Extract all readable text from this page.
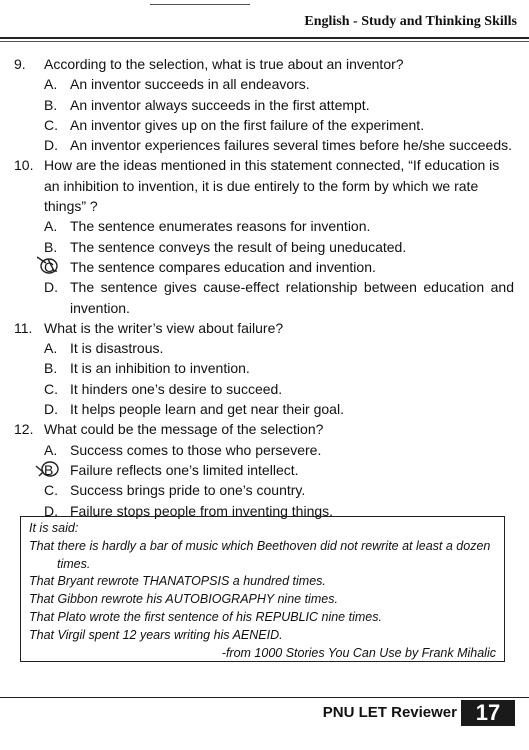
English - Study and Thinking Skills
9.	According to the selection, what is true about an inventor?
A. An inventor succeeds in all endeavors.
B. An inventor always succeeds in the first attempt.
C. An inventor gives up on the first failure of the experiment.
D. An inventor experiences failures several times before he/she succeeds.
10. How are the ideas mentioned in this statement connected, “If education is an inhibition to invention, it is due entirely to the form by which we rate things” ?
A. The sentence enumerates reasons for invention.
B. The sentence conveys the result of being uneducated.
C. The sentence compares education and invention.
D. The sentence gives cause-effect relationship between education and invention.
11. What is the writer’s view about failure?
A. It is disastrous.
B. It is an inhibition to invention.
C. It hinders one’s desire to succeed.
D. It helps people learn and get near their goal.
12. What could be the message of the selection?
A. Success comes to those who persevere.
B. Failure reflects one’s limited intellect.
C. Success brings pride to one’s country.
D. Failure stops people from inventing things.
It is said:
That there is hardly a bar of music which Beethoven did not rewrite at least a dozen
times.
That Bryant rewrote THANATOPSIS a hundred times.
That Gibbon rewrote his AUTOBIOGRAPHY nine times.
That Plato wrote the first sentence of his REPUBLIC nine times.
That Virgil spent 12 years writing his AENEID.
-from 1000 Stories You Can Use by Frank Mihalic
PNU LET Reviewer 17
